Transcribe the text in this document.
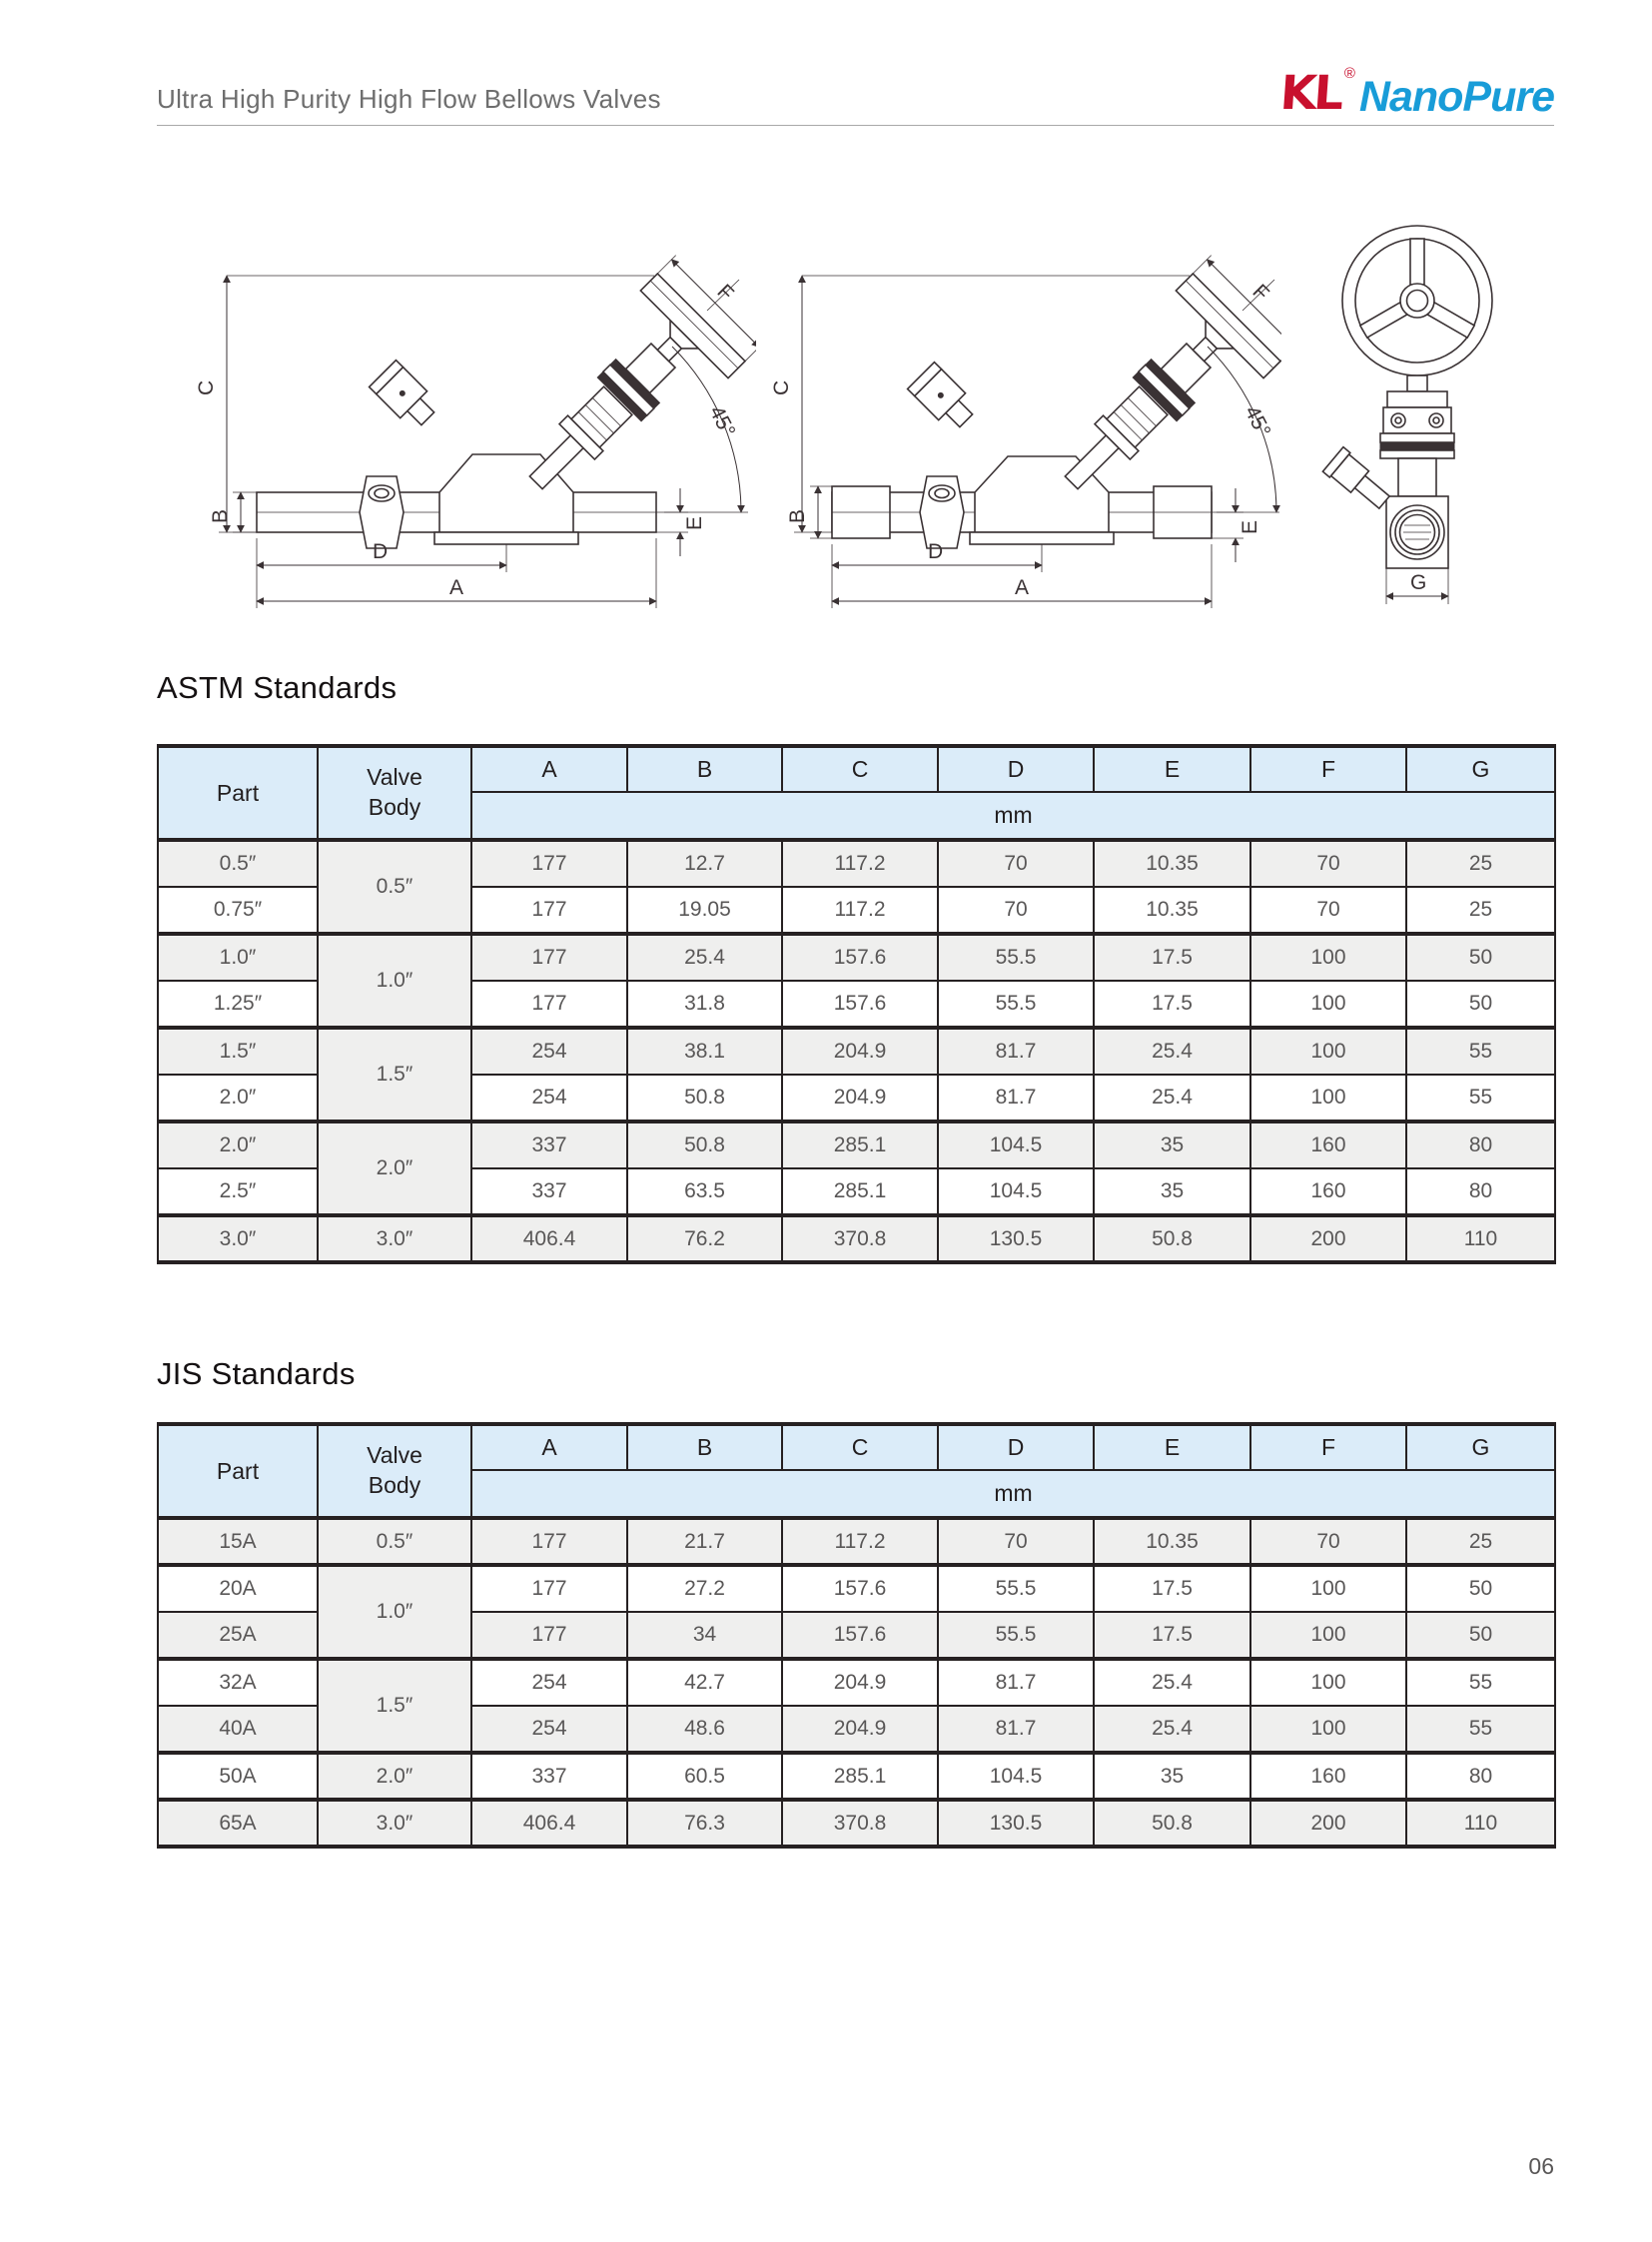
Ultra High Purity High Flow Bellows Valves	KL ® NanoPure
C
F
45°
B	E
D
A
C
F
45°
B
E
D
A	G
ASTM Standards
Part	Valve Body	A	B	C	D	E	F	G
		mm						
0.5″	0.5″	177	12.7	117.2	70	10.35	70	25
0.75″		177	19.05	117.2	70	10.35	70	25
1.0″	1.0″	177	25.4	157.6	55.5	17.5	100	50
1.25″		177	31.8	157.6	55.5	17.5	100	50
1.5″	1.5″	254	38.1	204.9	81.7	25.4	100	55
2.0″		254	50.8	204.9	81.7	25.4	100	55
2.0″	2.0″	337	50.8	285.1	104.5	35	160	80
2.5″		337	63.5	285.1	104.5	35	160	80
3.0″	3.0″	406.4	76.2	370.8	130.5	50.8	200	110
JIS Standards
Part	Valve Body	A	B	C	D	E	F	G
		mm						
15A	0.5″	177	21.7	117.2	70	10.35	70	25
20A	1.0″	177	27.2	157.6	55.5	17.5	100	50
25A		177	34	157.6	55.5	17.5	100	50
32A	1.5″	254	42.7	204.9	81.7	25.4	100	55
40A		254	48.6	204.9	81.7	25.4	100	55
50A	2.0″	337	60.5	285.1	104.5	35	160	80
65A	3.0″	406.4	76.3	370.8	130.5	50.8	200	110
06
